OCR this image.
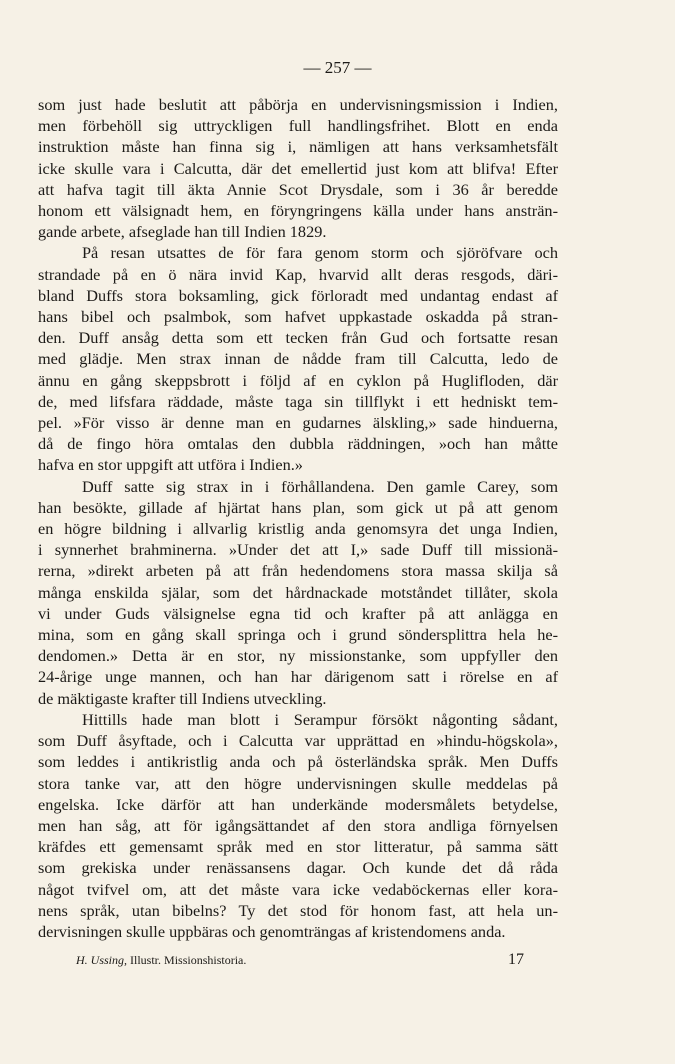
— 257 —
som just hade beslutit att påbörja en undervisningsmission i Indien,
men förbehöll sig uttryckligen full handlingsfrihet. Blott en enda
instruktion måste han finna sig i, nämligen att hans verksamhetsfält
icke skulle vara i Calcutta, där det emellertid just kom att blifva! Efter
att hafva tagit till äkta Annie Scot Drysdale, som i 36 år beredde
honom ett välsignadt hem, en föryngringens källa under hans ansträn-
gande arbete, afseglade han till Indien 1829.
På resan utsattes de för fara genom storm och sjöröfvare och
strandade på en ö nära invid Kap, hvarvid allt deras resgods, däri-
bland Duffs stora boksamling, gick förloradt med undantag endast af
hans bibel och psalmbok, som hafvet uppkastade oskadda på stran-
den. Duff ansåg detta som ett tecken från Gud och fortsatte resan
med glädje. Men strax innan de nådde fram till Calcutta, ledo de
ännu en gång skeppsbrott i följd af en cyklon på Huglifloden, där
de, med lifsfara räddade, måste taga sin tillflykt i ett hedniskt tem-
pel. »För visso är denne man en gudarnes älskling,» sade hinduerna,
då de fingo höra omtalas den dubbla räddningen, »och han måtte
hafva en stor uppgift att utföra i Indien.»
Duff satte sig strax in i förhållandena. Den gamle Carey, som
han besökte, gillade af hjärtat hans plan, som gick ut på att genom
en högre bildning i allvarlig kristlig anda genomsyra det unga Indien,
i synnerhet brahminerna. »Under det att I,» sade Duff till missionä-
rerna, »direkt arbeten på att från hedendomens stora massa skilja så
många enskilda själar, som det hårdnackade motståndet tillåter, skola
vi under Guds välsignelse egna tid och krafter på att anlägga en
mina, som en gång skall springa och i grund söndersplittra hela he-
dendomen.» Detta är en stor, ny missionstanke, som uppfyller den
24-årige unge mannen, och han har därigenom satt i rörelse en af
de mäktigaste krafter till Indiens utveckling.
Hittills hade man blott i Serampur försökt någonting sådant,
som Duff åsyftade, och i Calcutta var upprättad en »hindu-högskola»,
som leddes i antikristlig anda och på österländska språk. Men Duffs
stora tanke var, att den högre undervisningen skulle meddelas på
engelska. Icke därför att han underkände modersmålets betydelse,
men han såg, att för igångsättandet af den stora andliga förnyelsen
kräfdes ett gemensamt språk med en stor litteratur, på samma sätt
som grekiska under renässansens dagar. Och kunde det då råda
något tvifvel om, att det måste vara icke vedaböckernas eller kora-
nens språk, utan bibelns? Ty det stod för honom fast, att hela un-
dervisningen skulle uppbäras och genomträngas af kristendomens anda.
H. Ussing, Illustr. Missionshistoria.	17
